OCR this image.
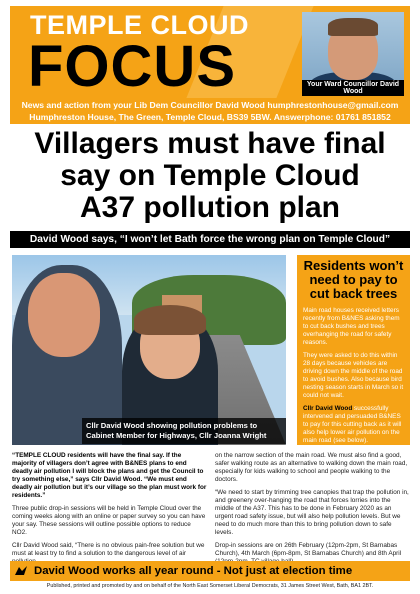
TEMPLE CLOUD
FOCUS	Your Ward Councillor David Wood
News and action from your Lib Dem Councillor David Wood humphrestonhouse@gmail.com
Humphreston House, The Green, Temple Cloud, BS39 5BW. Answerphone: 01761 851852
Villagers must have final
say on Temple Cloud
A37 pollution plan
David Wood says, “I won’t let Bath force the wrong plan on Temple Cloud”
Cllr David Wood showing pollution problems to Cabinet Member for Highways, Cllr Joanna Wright
Residents won’t need to pay to cut back trees

Main road houses received letters recently from B&NES asking them to cut back bushes and trees overhanging the road for safety reasons.

They were asked to do this within 28 days because vehicles are driving down the middle of the road to avoid bushes. Also because bird nesting season starts in March so it could not wait.

Cllr David Wood successfully intervened and persuaded B&NES to pay for this cutting back as it will also help lower air pollution on the main road (see below).

“TEMPLE CLOUD residents will have the final say. If the majority of villagers don’t agree with B&NES plans to end deadly air pollution I will block the plans and get the Council to try something else,” says Cllr David Wood. “We must end deadly air pollution but it’s our village so the plan must work for residents.”

Three public drop-in sessions will be held in Temple Cloud over the coming weeks along with an online or paper survey so you can have your say. These sessions will outline possible options to reduce NO2.

Cllr David Wood said, “There is no obvious pain-free solution but we must at least try to find a solution to the dangerous level of air

on the narrow section of the main road. We must also find a good, safer walking route as an alternative to walking down the main road, especially for kids walking to school and people walking to the doctors.

“We need to start by trimming tree canopies that trap the pollution in, and greenery over-hanging the road that forces lorries into the middle of the A37. This has to be done in February 2020 as an urgent road safety issue, but will also help pollution levels. But we need to do much more than this to bring pollution down to safe levels.

Drop-in sessions are on 26th February (12pm-2pm, St Barnabas Church), 4th March (6pm-8pm, St Barnabas Church) and 8th April

David Wood works all year round - Not just at election time
Published, printed and promoted by and on behalf of the North East Somerset Liberal Democrats, 31 James Street West, Bath, BA1 2BT.
